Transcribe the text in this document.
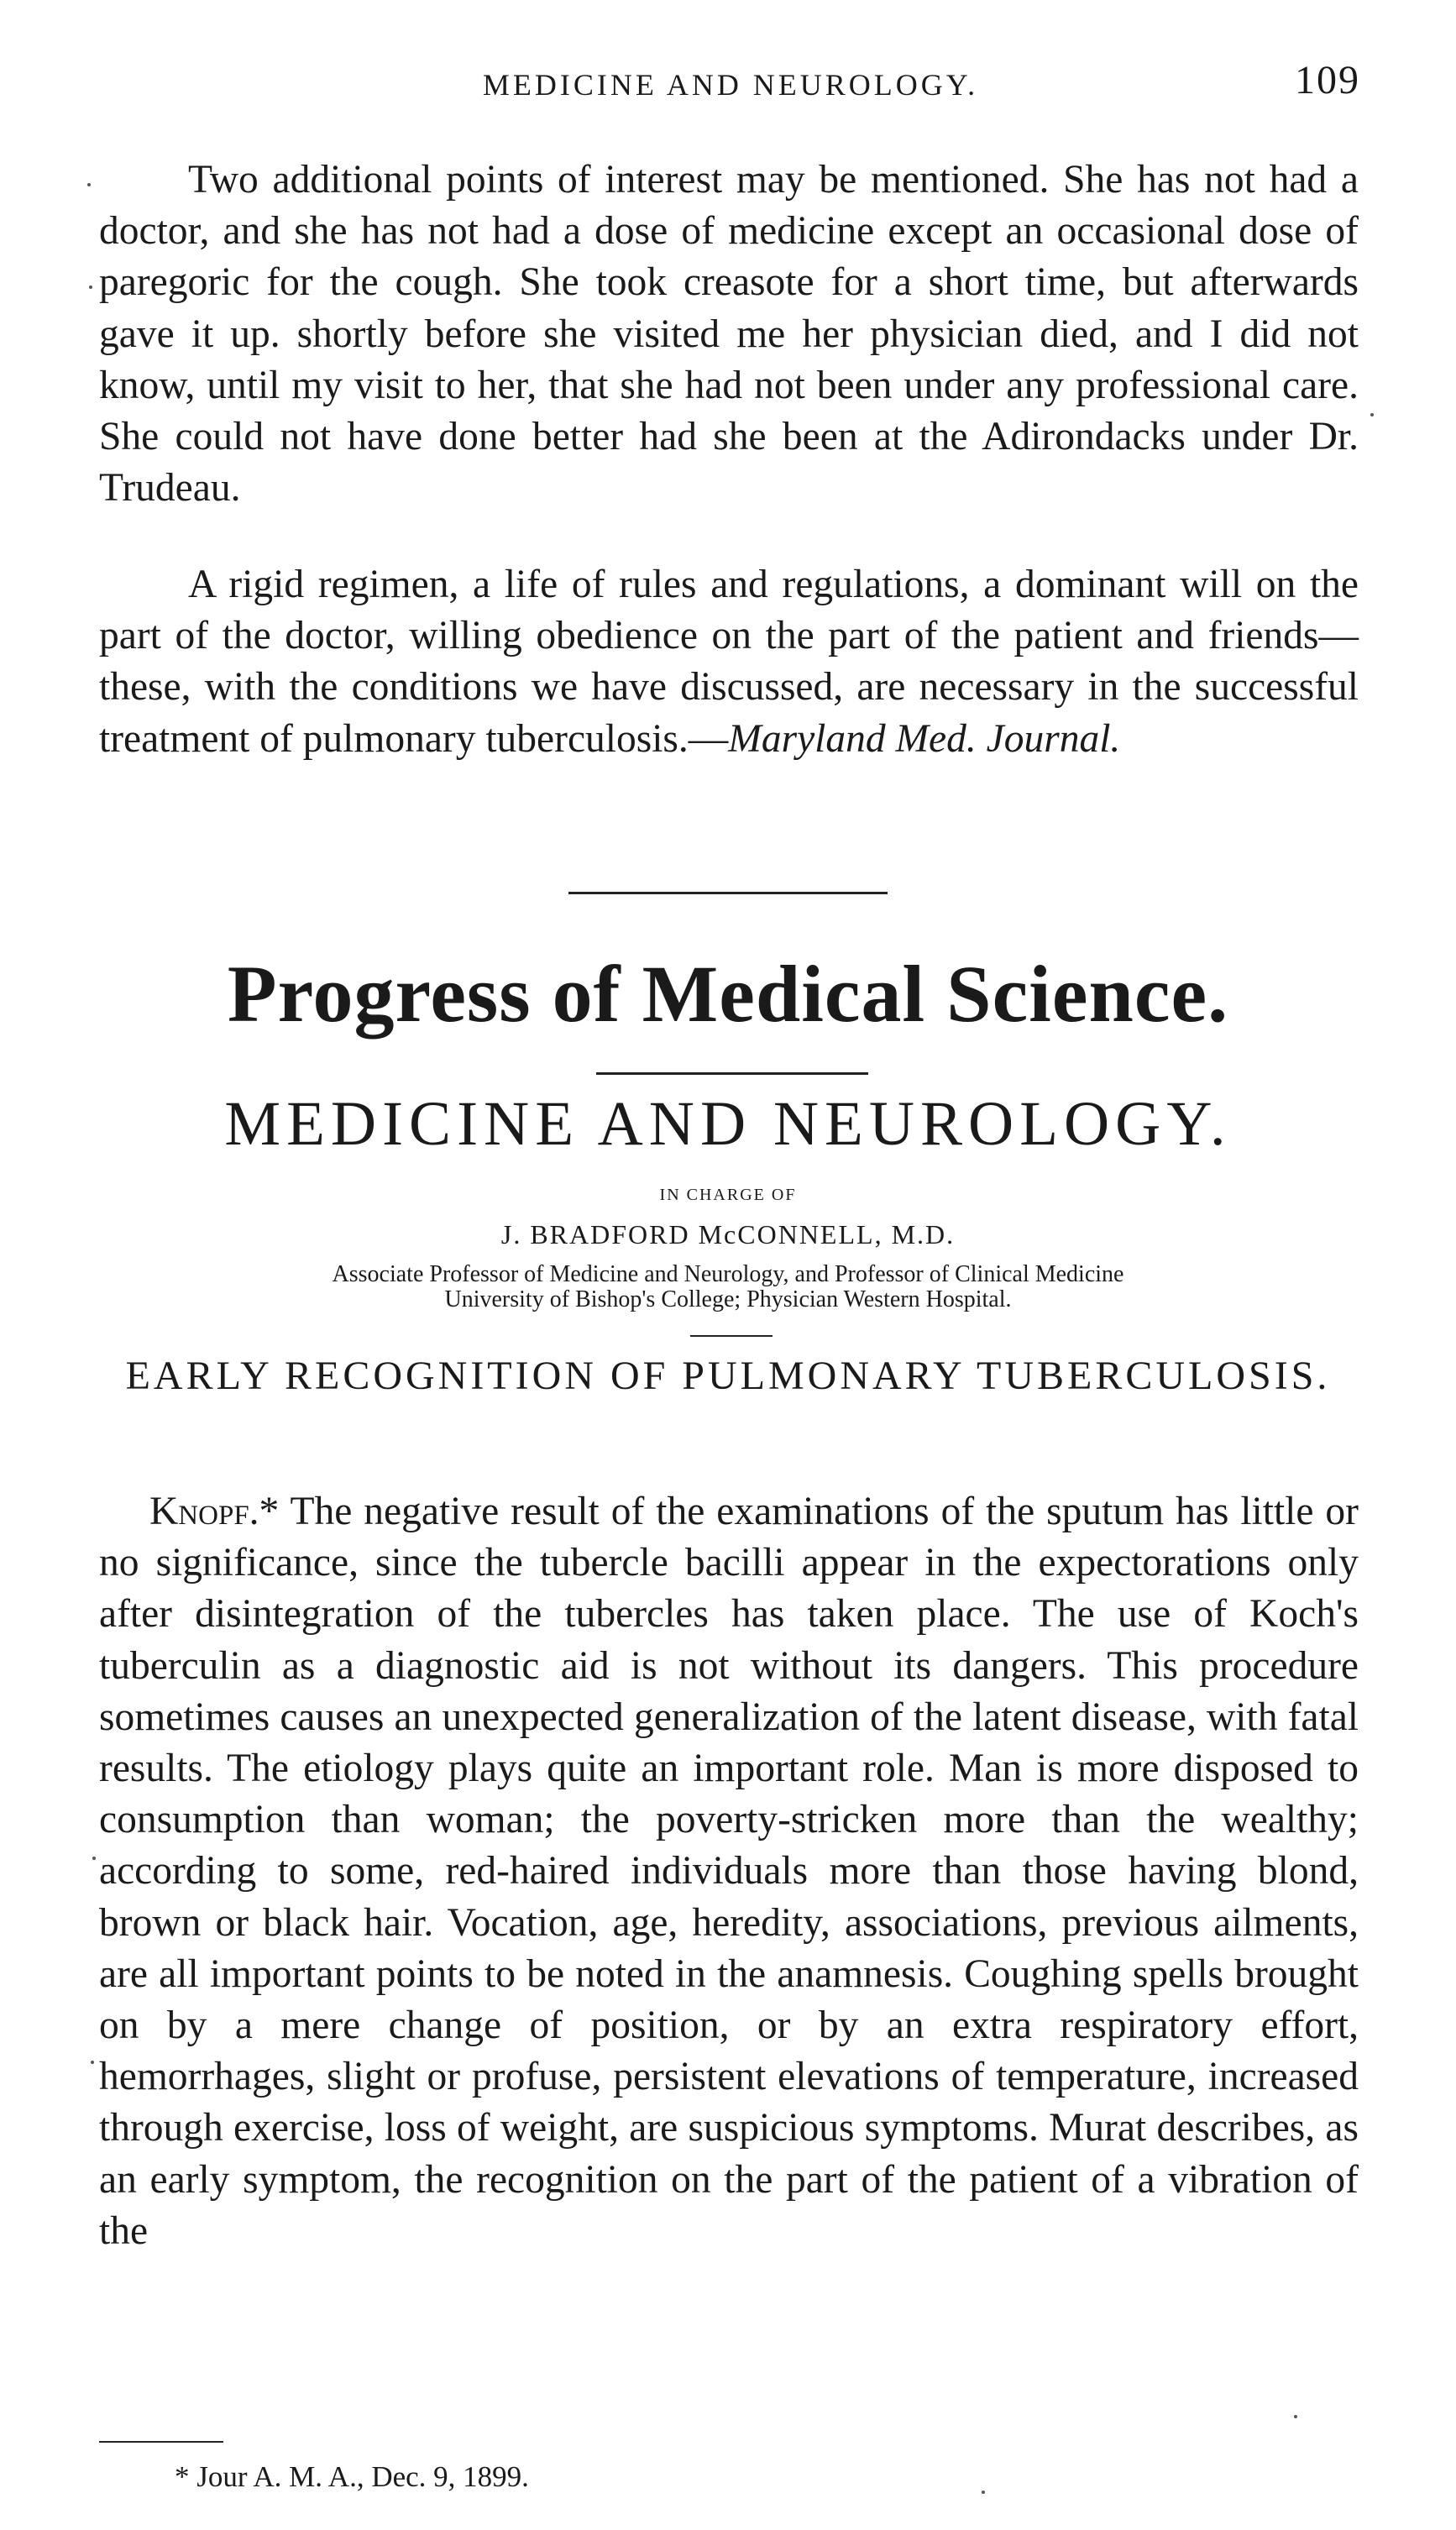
MEDICINE AND NEUROLOGY.	109

Two additional points of interest may be mentioned. She has not had a doctor, and she has not had a dose of medicine except an occasional dose of paregoric for the cough. She took creasote for a short time, but afterwards gave it up. shortly before she visited me her physician died, and I did not know, until my visit to her, that she had not been under any professional care. She could not have done better had she been at the Adirondacks under Dr. Trudeau.

A rigid regimen, a life of rules and regulations, a dominant will on the part of the doctor, willing obedience on the part of the patient and friends—these, with the conditions we have discussed, are necessary in the successful treatment of pulmonary tuberculosis.—Maryland Med. Journal.

Progress of Medical Science.
MEDICINE AND NEUROLOGY.
IN CHARGE OF
J. BRADFORD McCONNELL, M.D.
Associate Professor of Medicine and Neurology, and Professor of Clinical Medicine
University of Bishop's College; Physician Western Hospital.
EARLY RECOGNITION OF PULMONARY TUBERCULOSIS.

Knopf.* The negative result of the examinations of the sputum has little or no significance, since the tubercle bacilli appear in the expectorations only after disintegration of the tubercles has taken place. The use of Koch's tuberculin as a diagnostic aid is not without its dangers. This procedure sometimes causes an unexpected generalization of the latent disease, with fatal results. The etiology plays quite an important role. Man is more disposed to consumption than woman; the poverty-stricken more than the wealthy; according to some, red-haired individuals more than those having blond, brown or black hair. Vocation, age, heredity, associations, previous ailments, are all important points to be noted in the anamnesis. Coughing spells brought on by a mere change of position, or by an extra respiratory effort, hemorrhages, slight or profuse, persistent elevations of temperature, increased through exercise, loss of weight, are suspicious symptoms. Murat describes, as an early symptom, the recognition on the part of the patient of a vibration of the

* Jour A. M. A., Dec. 9, 1899.
